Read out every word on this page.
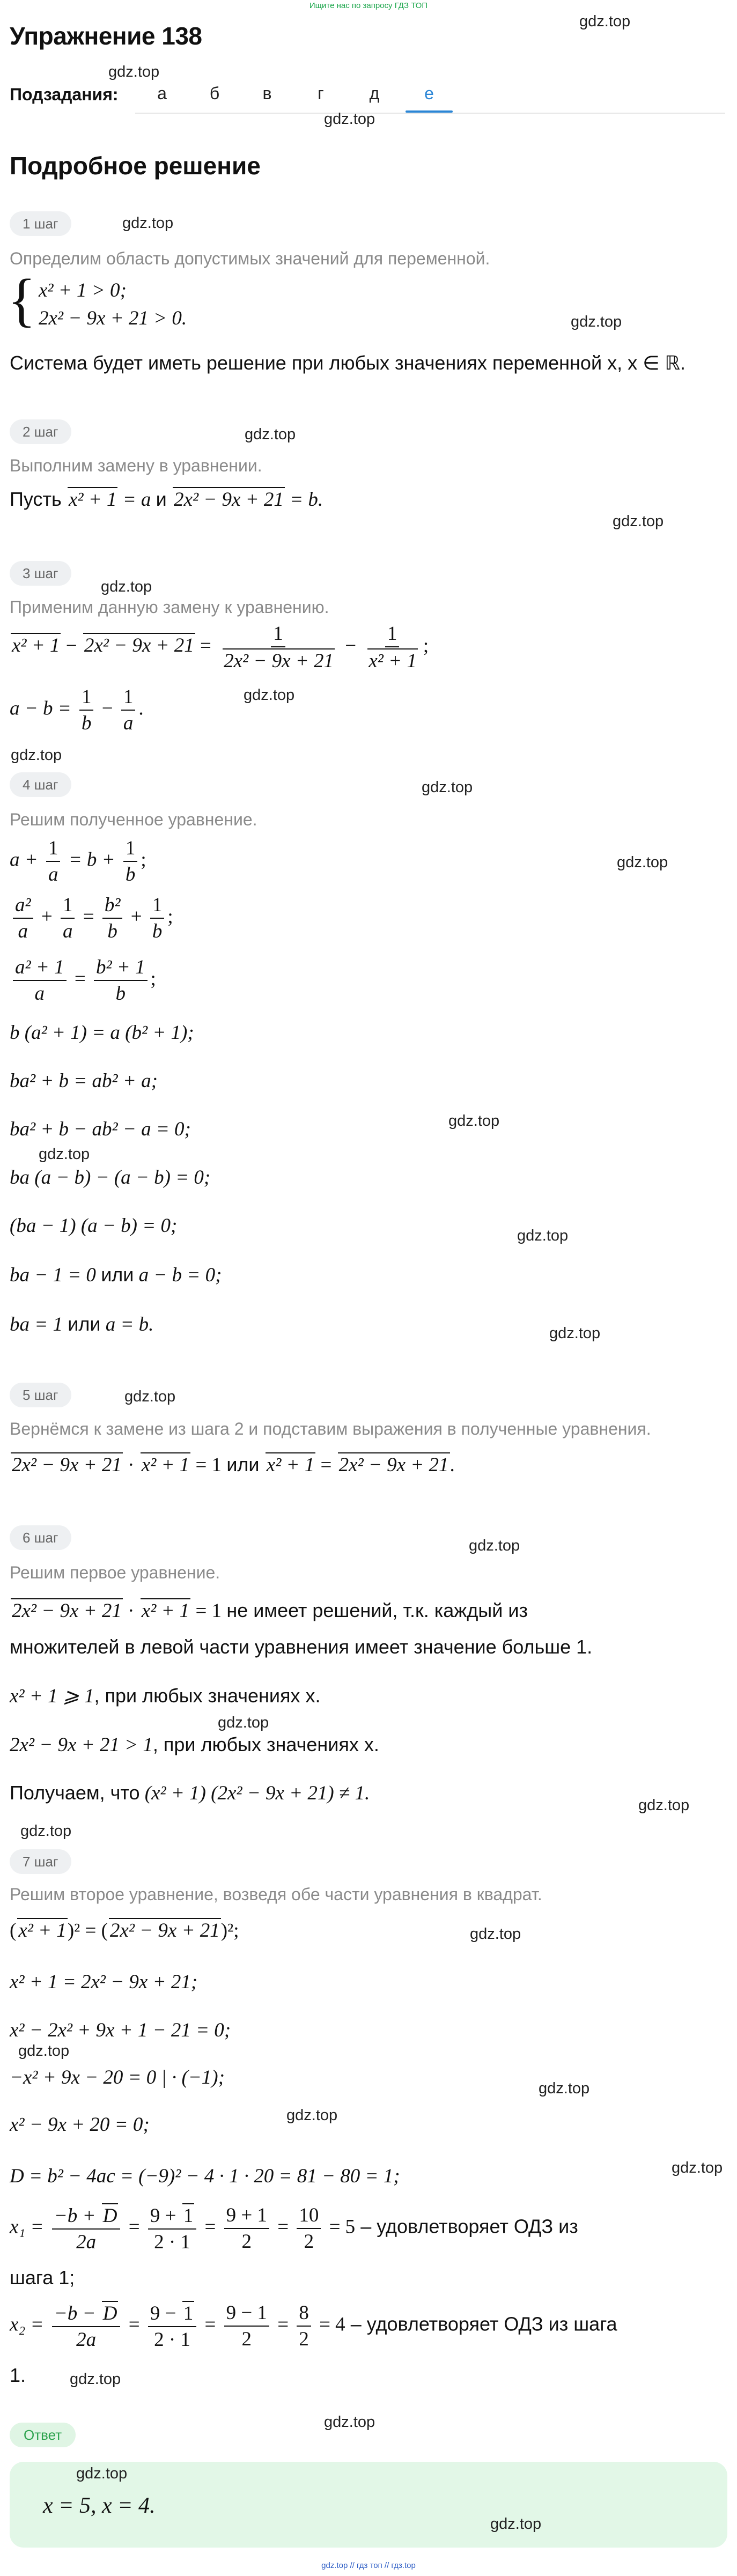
Ищите нас по запросу ГДЗ ТОП
Упражнение 138
gdz.top
Подзадания:
gdz.top
а	б	в	г	д	е
gdz.top
Подробное решение
1 шаг	gdz.top
Определим область допустимых значений для переменной.
{ x² + 1 > 0;
2x² − 9x + 21 > 0.	gdz.top
Система будет иметь решение при любых значениях переменной x, x ∈ ℝ.
2 шаг	gdz.top
Выполним замену в уравнении.
Пусть x² + 1 = a и 2x² − 9x + 21 = b.
gdz.top
3 шаг
gdz.top
Применим данную замену к уравнению.
$x^2 + 1 - 2x^2 - 9x + 21 = \frac{1}{\text{2x² − 9x + 21}} - \frac{1}{\text{x² + 1}}$ ;
gdz.top
$a - b = \frac{1}{b} - \frac{1}{a}$ .
gdz.top
4 шаг	gdz.top
Решим полученное уравнение.
$a + \frac{1}{a} = b + \frac{1}{b}$ ;	gdz.top
$\frac{\text{a²}}{a} + \frac{1}{a} = \frac{\text{b²}}{b} + \frac{1}{b}$ ;
$\frac{\text{a² + 1}}{a} = \frac{\text{b² + 1}}{b}$ ;
b (a² + 1) = a (b² + 1);
ba² + b = ab² + a;
ba² + b − ab² − a = 0;	gdz.top
gdz.top
ba (a − b) − (a − b) = 0;
(ba − 1) (a − b) = 0;	gdz.top
ba − 1 = 0 или a − b = 0;
ba = 1 или a = b.	gdz.top
5 шаг	gdz.top
Вернёмся к замене из шага 2 и подставим выражения в полученные уравнения.
2x² − 9x + 21 · x² + 1 = 1 или x² + 1 = 2x² − 9x + 21.
6 шаг	gdz.top
Решим первое уравнение.
2x² − 9x + 21 · x² + 1 = 1 не имеет решений, т.к. каждый из
множителей в левой части уравнения имеет значение больше 1.
x² + 1 ⩾ 1, при любых значениях x.
gdz.top
2x² − 9x + 21 > 1, при любых значениях x.
Получаем, что (x² + 1) (2x² − 9x + 21) ≠ 1.
gdz.top
gdz.top
7 шаг
Решим второе уравнение, возведя обе части уравнения в квадрат.
( x² + 1)² = ( 2x² − 9x + 21)²;	gdz.top
x² + 1 = 2x² − 9x + 21;
x² − 2x² + 9x + 1 − 21 = 0;
gdz.top
−x² + 9x − 20 = 0 | · (−1);	gdz.top
gdz.top
x² − 9x + 20 = 0;
gdz.top
D = b² − 4ac = (−9)² − 4 · 1 · 20 = 81 − 80 = 1;
$x_1 = \frac{-b + D}{2a} = \frac{9 + 1}{2 \cdot 1} = \frac{9 + 1}{2} = \frac{10}{2} = 5$ – удовлетворяет ОДЗ из
шага 1;
$x_2 = \frac{-b - D}{2a} = \frac{9 - 1}{2 \cdot 1} = \frac{9 - 1}{2} = \frac{8}{2} = 4$ – удовлетворяет ОДЗ из шага
1.	gdz.top
gdz.top
Ответ
gdz.top
x = 5, x = 4.
gdz.top
gdz.top // гдз топ // гдз.top
